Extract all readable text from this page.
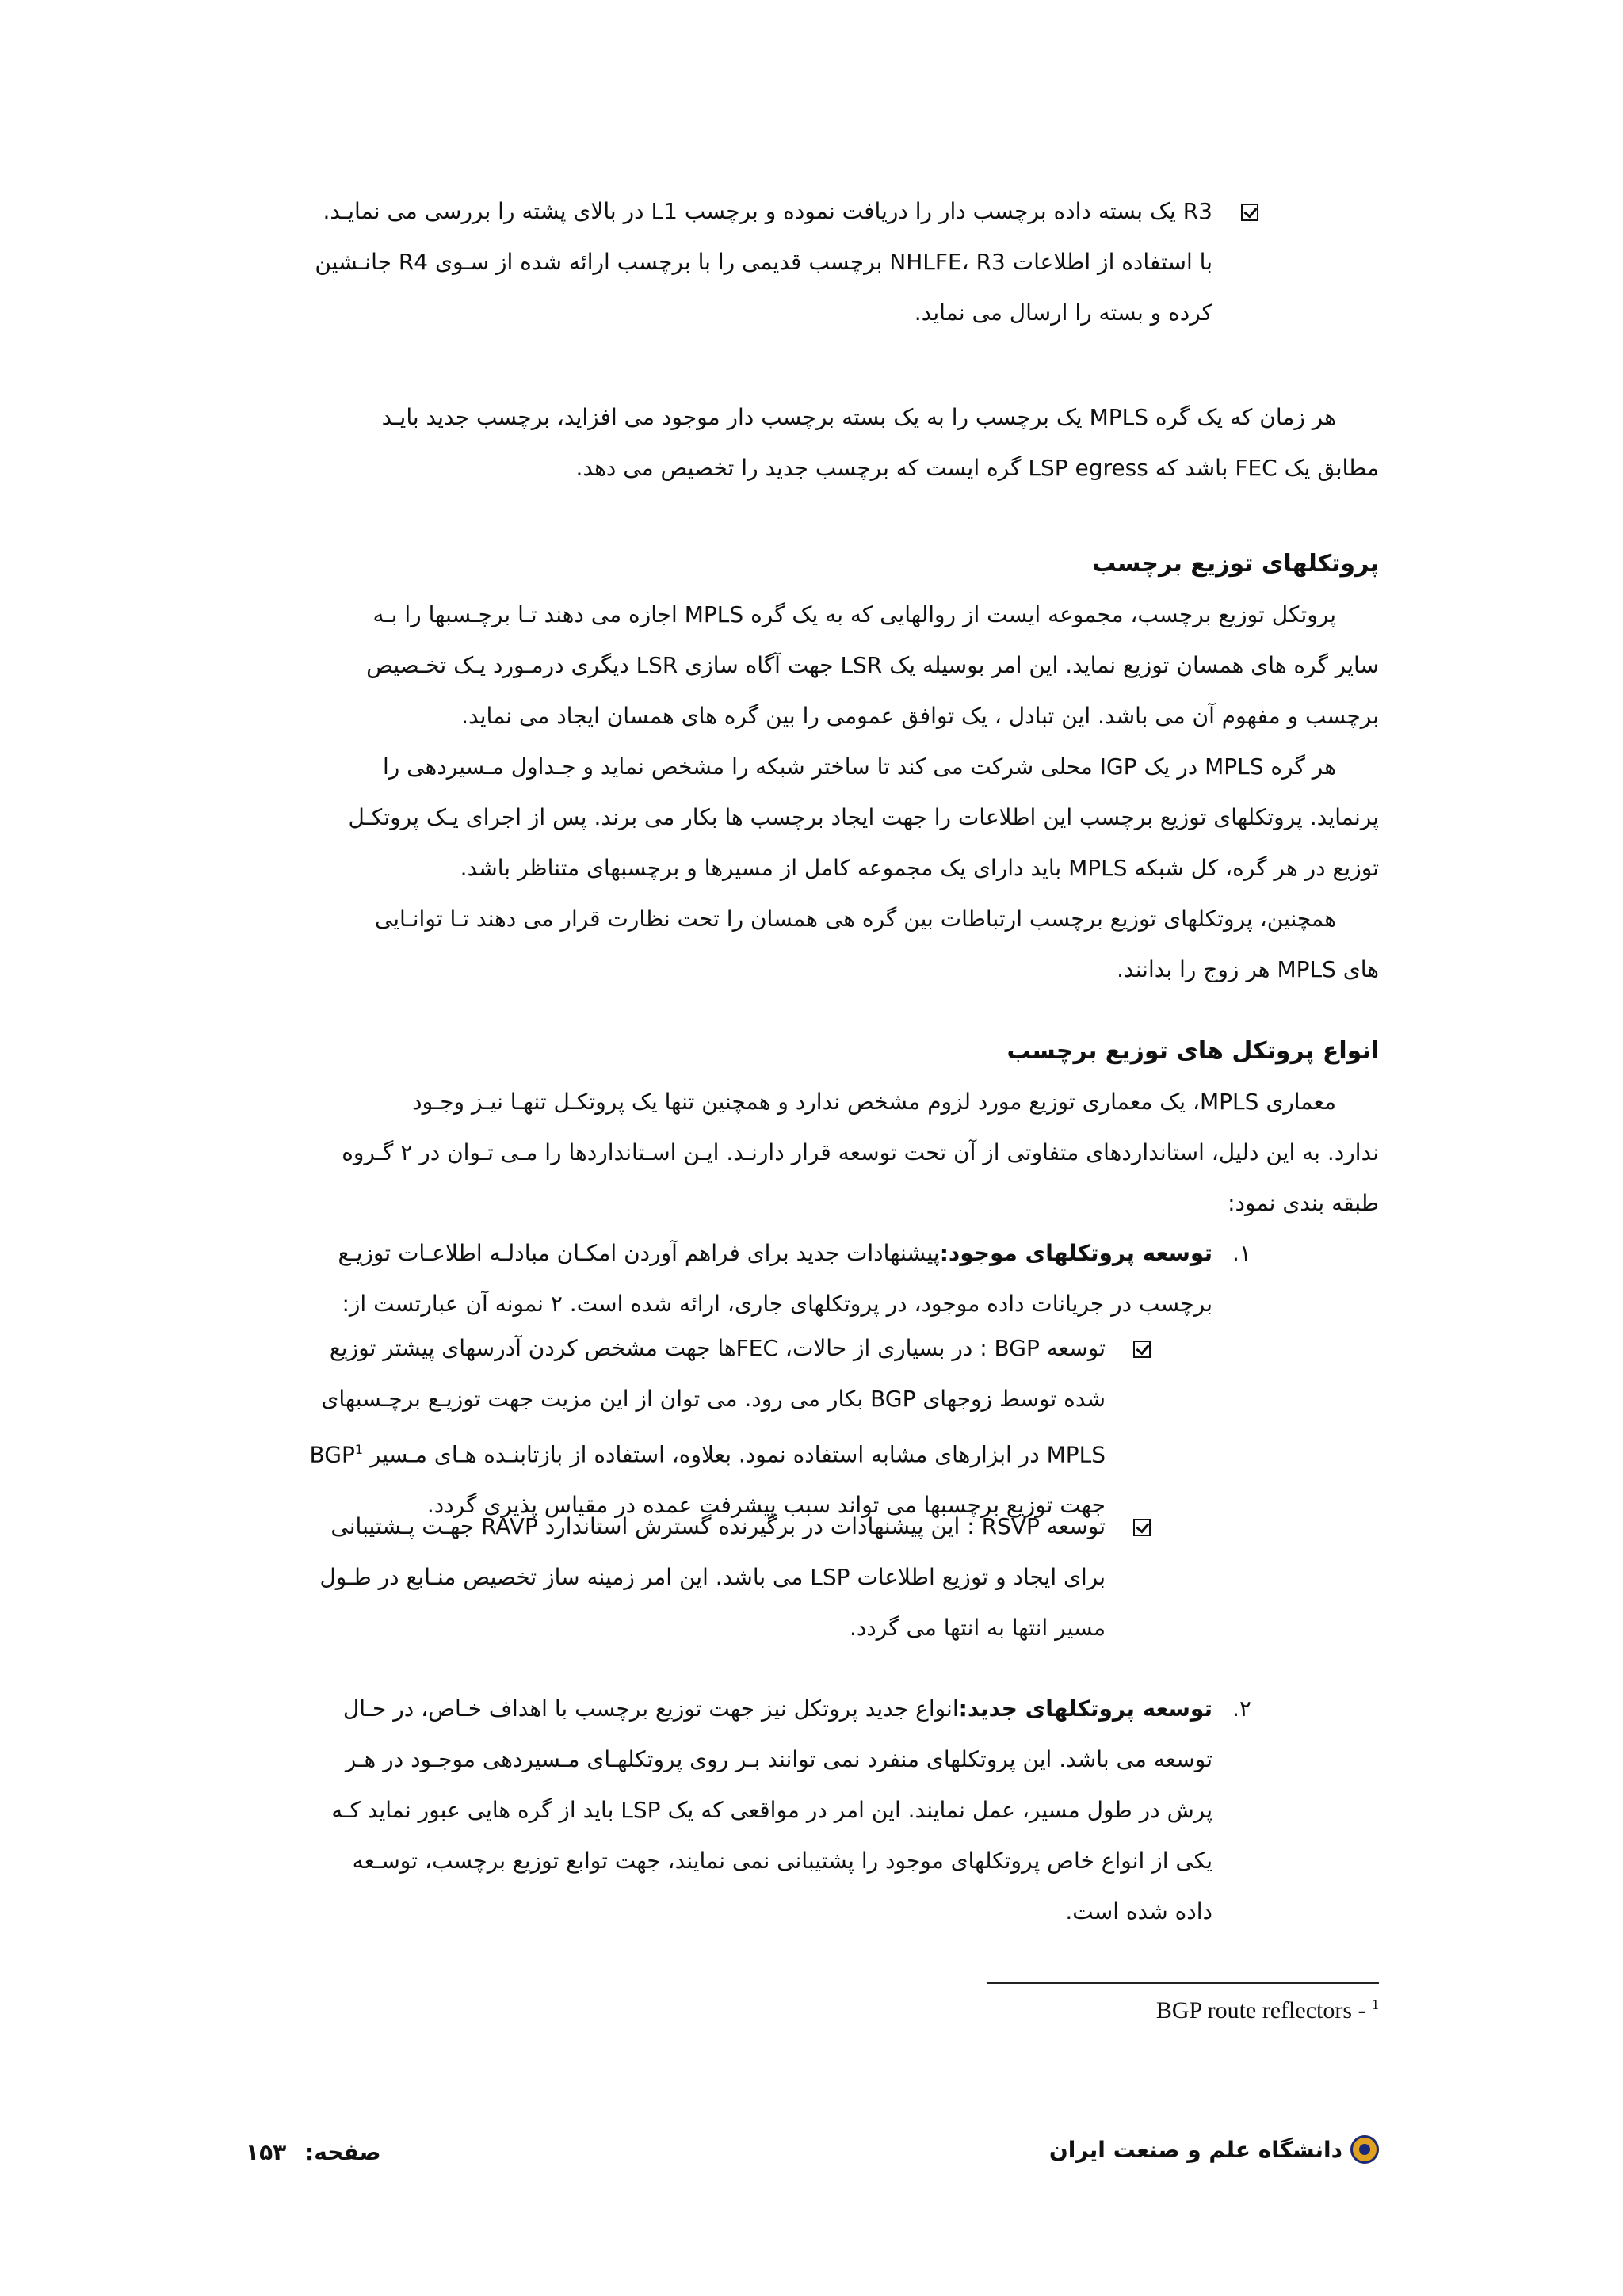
R3 یک بسته داده برچسب دار را دریافت نموده و برچسب L1 در بالای پشته را بررسی می نمایـد.
با استفاده از اطلاعات NHLFE، R3 برچسب قدیمی را با برچسب ارائه شده از سـوی R4 جانـشین
کرده و بسته را ارسال می نماید.
هر زمان که یک گره MPLS یک برچسب را به یک بسته برچسب دار موجود می افزاید، برچسب جدید بایـد
مطابق یک FEC باشد که LSP egress گره ایست که برچسب جدید را تخصیص می دهد.
پروتکلهای توزیع برچسب

پروتکل توزیع برچسب، مجموعه ایست از روالهایی که به یک گره MPLS اجازه می دهند تـا برچـسبها را بـه
سایر گره های همسان توزیع نماید. این امر بوسیله یک LSR جهت آگاه سازی LSR دیگری درمـورد یـک تخـصیص
برچسب و مفهوم آن می باشد. این تبادل ، یک توافق عمومی را بین گره های همسان ایجاد می نماید.

هر گره MPLS در یک IGP محلی شرکت می کند تا ساختر شبکه را مشخص نماید و جـداول مـسیردهی را
پرنماید. پروتکلهای توزیع برچسب این اطلاعات را جهت ایجاد برچسب ها بکار می برند. پس از اجرای یـک پروتکـل
توزیع در هر گره، کل شبکه MPLS باید دارای یک مجموعه کامل از مسیرها و برچسبهای متناظر باشد.

همچنین، پروتکلهای توزیع برچسب ارتباطات بین گره هی همسان را تحت نظارت قرار می دهند تـا توانـایی
های MPLS هر زوج را بدانند.

انواع پروتکل های توزیع برچسب
معماری MPLS، یک معماری توزیع مورد لزوم مشخص ندارد و همچنین تنها یک پروتکـل تنهـا نیـز وجـود
ندارد. به این دلیل، استانداردهای متفاوتی از آن تحت توسعه قرار دارنـد. ایـن اسـتانداردها را مـی تـوان در ۲ گـروه
طبقه بندی نمود:
۱.
توسعه پروتکلهای موجود:پیشنهادات جدید برای فراهم آوردن امکـان مبادلـه اطلاعـات توزیـع
برچسب در جریانات داده موجود، در پروتکلهای جاری، ارائه شده است. ۲ نمونه آن عبارتست از:
توسعه BGP : در بسیاری از حالات، FECها جهت مشخص کردن آدرسهای پیشتر توزیع
شده توسط زوجهای BGP بکار می رود. می توان از این مزیت جهت توزیـع برچـسبهای
MPLS در ابزارهای مشابه استفاده نمود. بعلاوه، استفاده از بازتابنـده هـای مـسیر BGP$^1$
جهت توزیع برچسبها می تواند سبب پیشرفت عمده در مقیاس پذیری گردد.
توسعه RSVP : این پیشنهادات در برگیرنده گسترش استاندارد RAVP جهـت پـشتیبانی
برای ایجاد و توزیع اطلاعات LSP می باشد. این امر زمینه ساز تخصیص منـابع در طـول
مسیر انتها به انتها می گردد.
۲.
توسعه پروتکلهای جدید:انواع جدید پروتکل نیز جهت توزیع برچسب با اهداف خـاص، در حـال
توسعه می باشد. این پروتکلهای منفرد نمی توانند بـر روی پروتکلهـای مـسیردهی موجـود در هـر
پرش در طول مسیر، عمل نمایند. این امر در مواقعی که یک LSP باید از گره هایی عبور نماید کـه
یکی از انواع خاص پروتکلهای موجود را پشتیبانی نمی نمایند، جهت توابع توزیع برچسب، توسـعه
داده شده است.
BGP route reflectors - $^1$
صفحه: ۱۵۳	دانشگاه علم و صنعت ایران
